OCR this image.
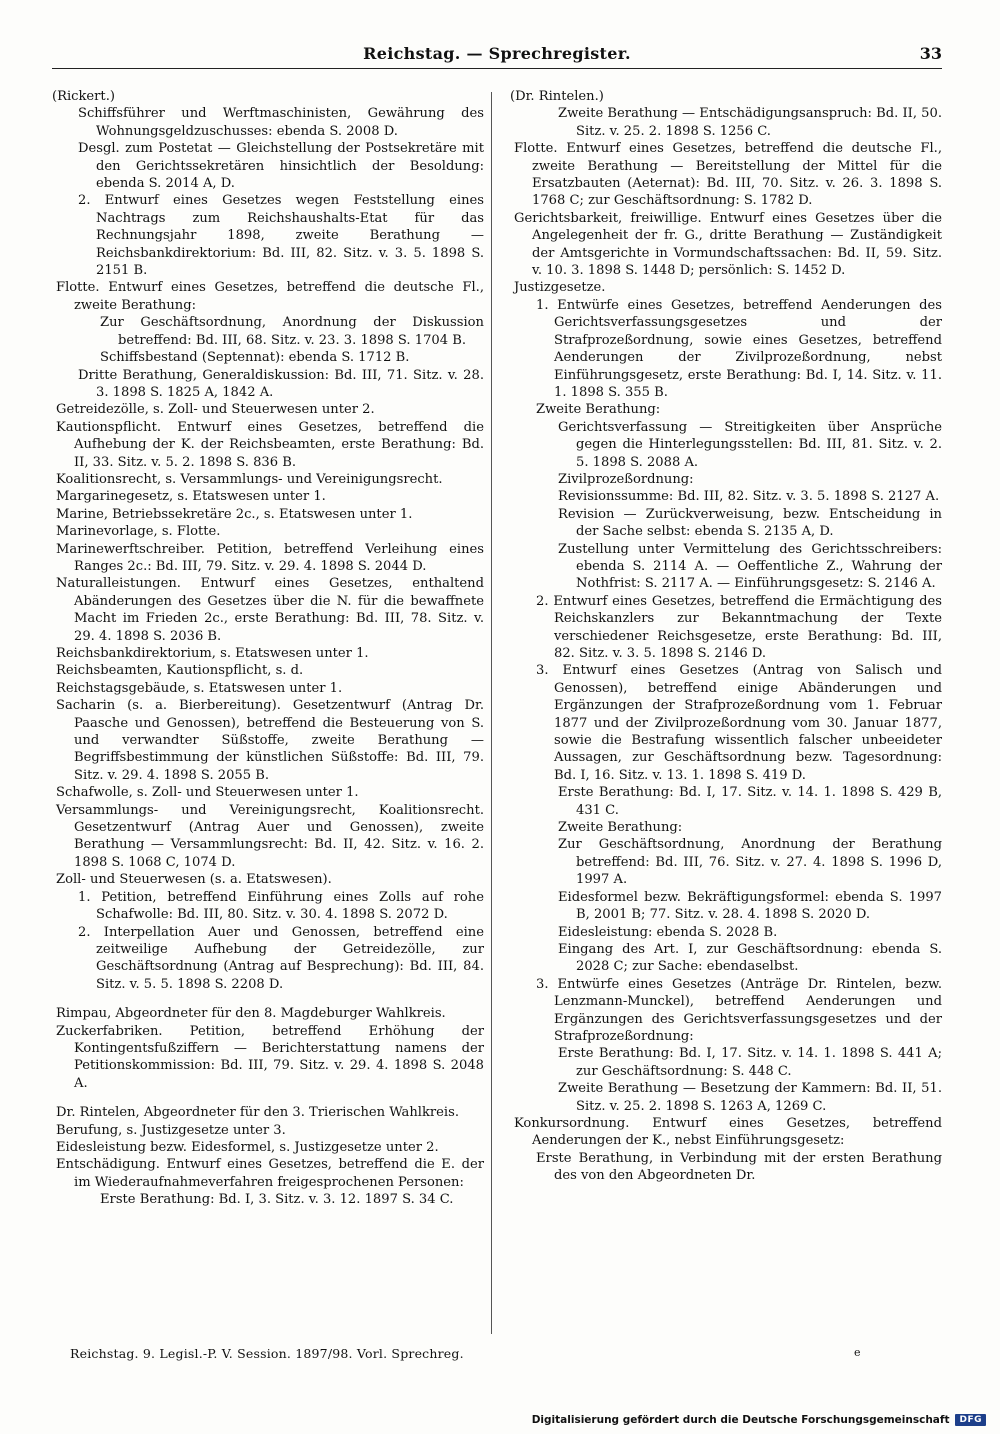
Reichstag. — Sprechregister.	33

(Rickert.)

Schiffsführer und Werftmaschinisten, Gewährung des Wohnungsgeldzuschusses: ebenda S. 2008 D.

Desgl. zum Postetat — Gleichstellung der Postsekretäre mit den Gerichtssekretären hinsichtlich der Besoldung: ebenda S. 2014 A, D.

2. Entwurf eines Gesetzes wegen Feststellung eines Nachtrags zum Reichshaushalts-Etat für das Rechnungsjahr 1898, zweite Berathung — Reichsbankdirektorium: Bd. III, 82. Sitz. v. 3. 5. 1898 S. 2151 B.

Flotte. Entwurf eines Gesetzes, betreffend die deutsche Fl., zweite Berathung:

Zur Geschäftsordnung, Anordnung der Diskussion betreffend: Bd. III, 68. Sitz. v. 23. 3. 1898 S. 1704 B.

Schiffsbestand (Septennat): ebenda S. 1712 B.

Dritte Berathung, Generaldiskussion: Bd. III, 71. Sitz. v. 28. 3. 1898 S. 1825 A, 1842 A.

Getreidezölle, s. Zoll- und Steuerwesen unter 2.

Kautionspflicht. Entwurf eines Gesetzes, betreffend die Aufhebung der K. der Reichsbeamten, erste Berathung: Bd. II, 33. Sitz. v. 5. 2. 1898 S. 836 B.

Koalitionsrecht, s. Versammlungs- und Vereinigungsrecht.

Margarinegesetz, s. Etatswesen unter 1.

Marine, Betriebssekretäre 2c., s. Etatswesen unter 1.

Marinevorlage, s. Flotte.

Marinewerftschreiber. Petition, betreffend Verleihung eines Ranges 2c.: Bd. III, 79. Sitz. v. 29. 4. 1898 S. 2044 D.

Naturalleistungen. Entwurf eines Gesetzes, enthaltend Abänderungen des Gesetzes über die N. für die bewaffnete Macht im Frieden 2c., erste Berathung: Bd. III, 78. Sitz. v. 29. 4. 1898 S. 2036 B.

Reichsbankdirektorium, s. Etatswesen unter 1.

Reichsbeamten, Kautionspflicht, s. d.

Reichstagsgebäude, s. Etatswesen unter 1.

Sacharin (s. a. Bierbereitung). Gesetzentwurf (Antrag Dr. Paasche und Genossen), betreffend die Besteuerung von S. und verwandter Süßstoffe, zweite Berathung — Begriffsbestimmung der künstlichen Süßstoffe: Bd. III, 79. Sitz. v. 29. 4. 1898 S. 2055 B.

Schafwolle, s. Zoll- und Steuerwesen unter 1.

Versammlungs- und Vereinigungsrecht, Koalitionsrecht. Gesetzentwurf (Antrag Auer und Genossen), zweite Berathung — Versammlungsrecht: Bd. II, 42. Sitz. v. 16. 2. 1898 S. 1068 C, 1074 D.

Zoll- und Steuerwesen (s. a. Etatswesen).

1. Petition, betreffend Einführung eines Zolls auf rohe Schafwolle: Bd. III, 80. Sitz. v. 30. 4. 1898 S. 2072 D.

2. Interpellation Auer und Genossen, betreffend eine zeitweilige Aufhebung der Getreidezölle, zur Geschäftsordnung (Antrag auf Besprechung): Bd. III, 84. Sitz. v. 5. 5. 1898 S. 2208 D.

Rimpau, Abgeordneter für den 8. Magdeburger Wahlkreis.

Zuckerfabriken. Petition, betreffend Erhöhung der Kontingentsfußziffern — Berichterstattung namens der Petitionskommission: Bd. III, 79. Sitz. v. 29. 4. 1898 S. 2048 A.

Dr. Rintelen, Abgeordneter für den 3. Trierischen Wahlkreis.

Berufung, s. Justizgesetze unter 3.

Eidesleistung bezw. Eidesformel, s. Justizgesetze unter 2.

Entschädigung. Entwurf eines Gesetzes, betreffend die E. der im Wiederaufnahmeverfahren freigesprochenen Personen:

Erste Berathung: Bd. I, 3. Sitz. v. 3. 12. 1897 S. 34 C.

(Dr. Rintelen.)

Zweite Berathung — Entschädigungsanspruch: Bd. II, 50. Sitz. v. 25. 2. 1898 S. 1256 C.

Flotte. Entwurf eines Gesetzes, betreffend die deutsche Fl., zweite Berathung — Bereitstellung der Mittel für die Ersatzbauten (Aeternat): Bd. III, 70. Sitz. v. 26. 3. 1898 S. 1768 C; zur Geschäftsordnung: S. 1782 D.

Gerichtsbarkeit, freiwillige. Entwurf eines Gesetzes über die Angelegenheit der fr. G., dritte Berathung — Zuständigkeit der Amtsgerichte in Vormundschaftssachen: Bd. II, 59. Sitz. v. 10. 3. 1898 S. 1448 D; persönlich: S. 1452 D.

Justizgesetze.

1. Entwürfe eines Gesetzes, betreffend Aenderungen des Gerichtsverfassungsgesetzes und der Strafprozeßordnung, sowie eines Gesetzes, betreffend Aenderungen der Zivilprozeßordnung, nebst Einführungsgesetz, erste Berathung: Bd. I, 14. Sitz. v. 11. 1. 1898 S. 355 B.

Zweite Berathung:

Gerichtsverfassung — Streitigkeiten über Ansprüche gegen die Hinterlegungsstellen: Bd. III, 81. Sitz. v. 2. 5. 1898 S. 2088 A.

Zivilprozeßordnung:

Revisionssumme: Bd. III, 82. Sitz. v. 3. 5. 1898 S. 2127 A.

Revision — Zurückverweisung, bezw. Entscheidung in der Sache selbst: ebenda S. 2135 A, D.

Zustellung unter Vermittelung des Gerichtsschreibers: ebenda S. 2114 A. — Oeffentliche Z., Wahrung der Nothfrist: S. 2117 A. — Einführungsgesetz: S. 2146 A.

2. Entwurf eines Gesetzes, betreffend die Ermächtigung des Reichskanzlers zur Bekanntmachung der Texte verschiedener Reichsgesetze, erste Berathung: Bd. III, 82. Sitz. v. 3. 5. 1898 S. 2146 D.

3. Entwurf eines Gesetzes (Antrag von Salisch und Genossen), betreffend einige Abänderungen und Ergänzungen der Strafprozeßordnung vom 1. Februar 1877 und der Zivilprozeßordnung vom 30. Januar 1877, sowie die Bestrafung wissentlich falscher unbeeideter Aussagen, zur Geschäftsordnung bezw. Tagesordnung: Bd. I, 16. Sitz. v. 13. 1. 1898 S. 419 D.

Erste Berathung: Bd. I, 17. Sitz. v. 14. 1. 1898 S. 429 B, 431 C.

Zweite Berathung:

Zur Geschäftsordnung, Anordnung der Berathung betreffend: Bd. III, 76. Sitz. v. 27. 4. 1898 S. 1996 D, 1997 A.

Eidesformel bezw. Bekräftigungsformel: ebenda S. 1997 B, 2001 B; 77. Sitz. v. 28. 4. 1898 S. 2020 D.

Eidesleistung: ebenda S. 2028 B.

Eingang des Art. I, zur Geschäftsordnung: ebenda S. 2028 C; zur Sache: ebendaselbst.

3. Entwürfe eines Gesetzes (Anträge Dr. Rintelen, bezw. Lenzmann-Munckel), betreffend Aenderungen und Ergänzungen des Gerichtsverfassungsgesetzes und der Strafprozeßordnung:

Erste Berathung: Bd. I, 17. Sitz. v. 14. 1. 1898 S. 441 A; zur Geschäftsordnung: S. 448 C.

Zweite Berathung — Besetzung der Kammern: Bd. II, 51. Sitz. v. 25. 2. 1898 S. 1263 A, 1269 C.

Konkursordnung. Entwurf eines Gesetzes, betreffend Aenderungen der K., nebst Einführungsgesetz:

Erste Berathung, in Verbindung mit der ersten Berathung des von den Abgeordneten Dr.

Reichstag. 9. Legisl.-P. V. Session. 1897/98. Vorl. Sprechreg.	e
Digitalisierung gefördert durch die Deutsche Forschungsgemeinschaft	DFG
